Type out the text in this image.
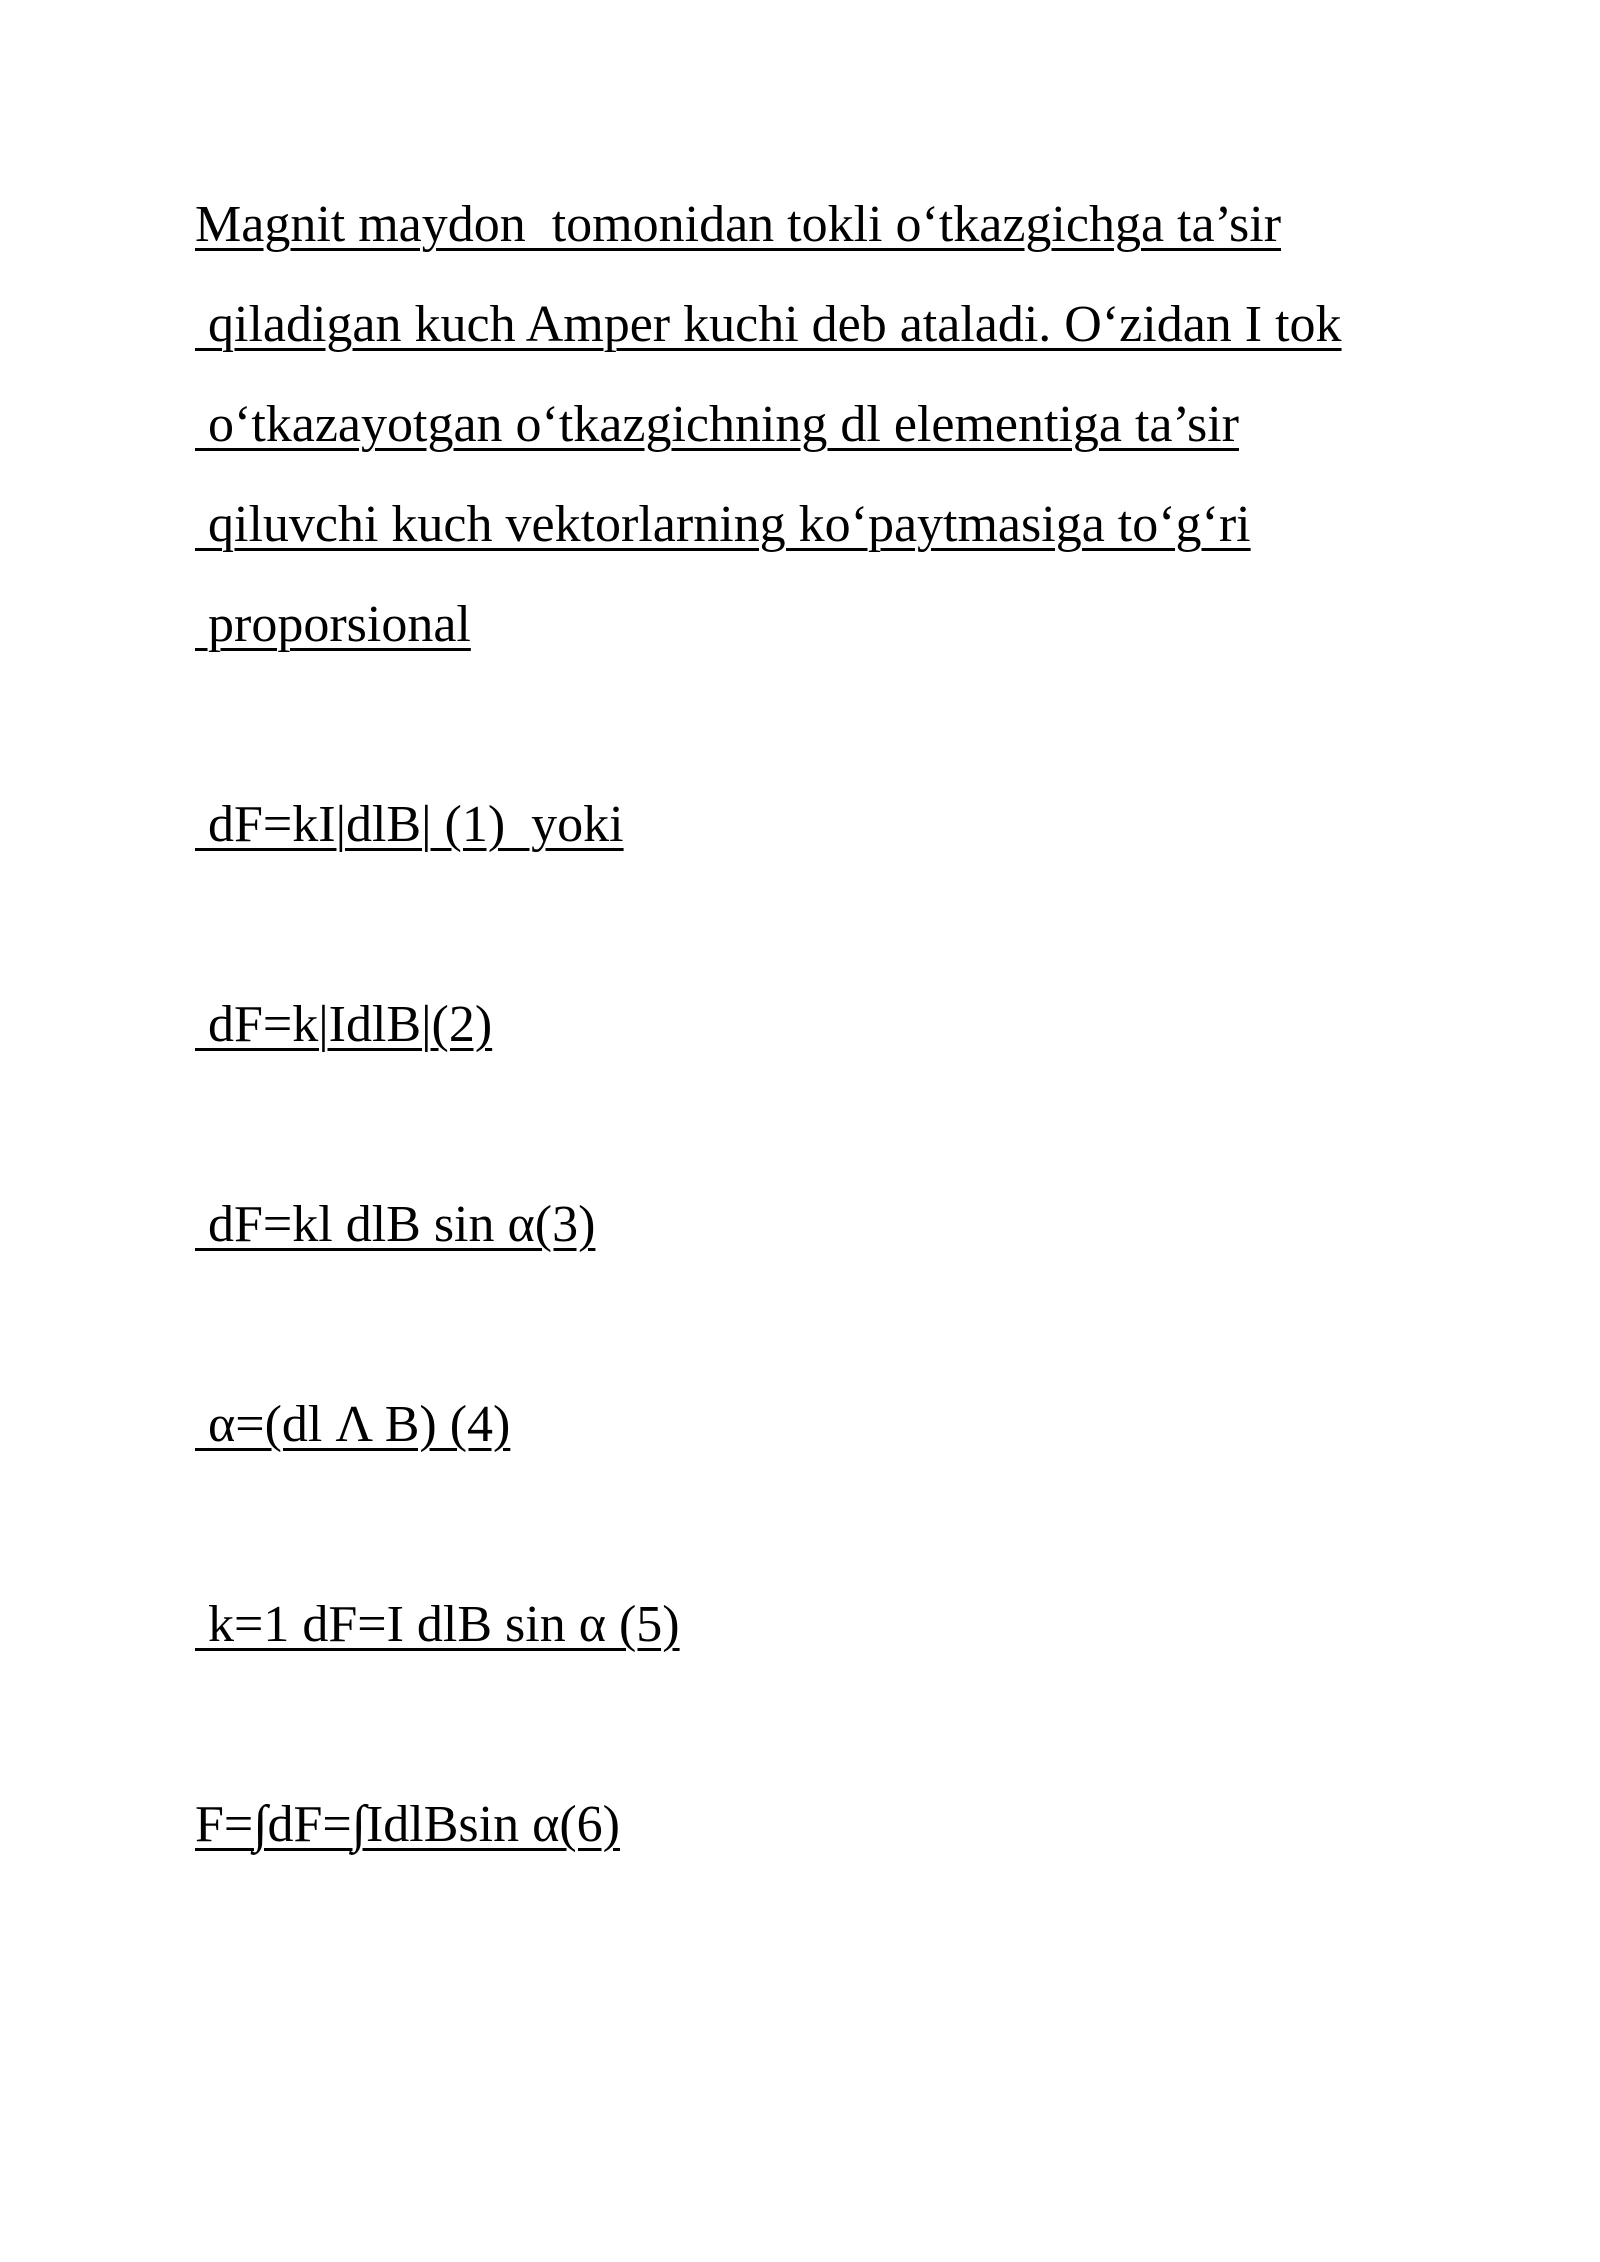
Magnit maydon  tomonidan tokli o‘tkazgichga ta’sir

qiladigan kuch Amper kuchi deb ataladi. O‘zidan I tok

o‘tkazayotgan o‘tkazgichning dl elementiga ta’sir

qiluvchi kuch vektorlarning ko‘paytmasiga to‘g‘ri

proporsional

dF=kI|dlB| (1)  yoki

dF=k|IdlB|(2)

dF=kl dlB sin α(3)

α=(dl Λ B) (4)

k=1 dF=I dlB sin α (5)

F=∫dF=∫IdlBsin α(6)
